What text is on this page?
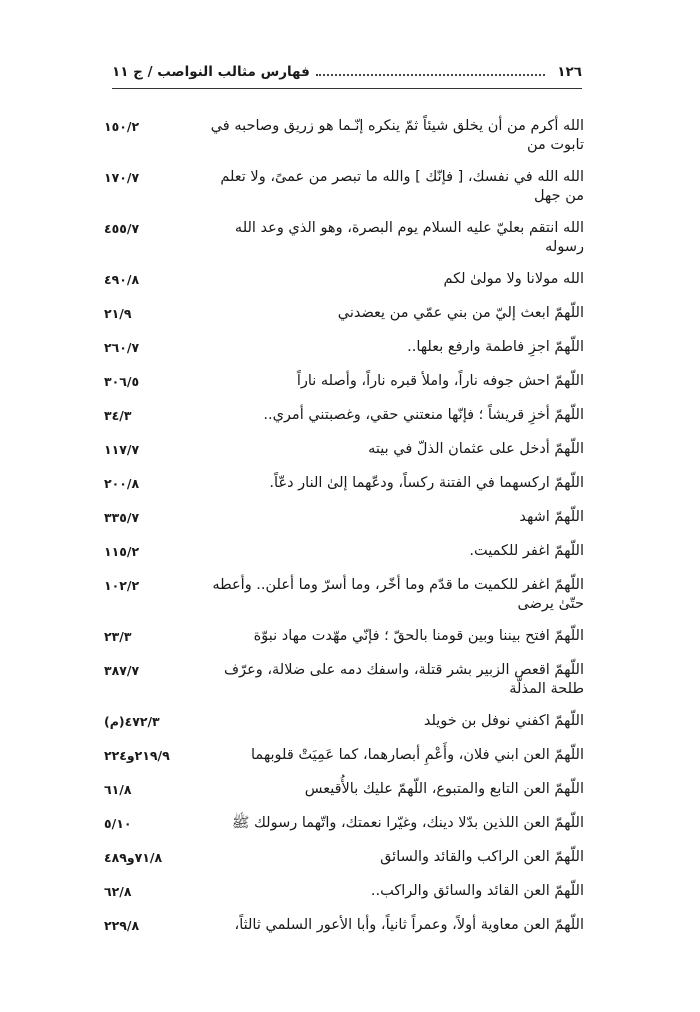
١٢٦
فهارس مثالب النواصب / ج ١١
الله أكرم من أن يخلق شيئاً ثمّ ينكره إنّـما هو زريق وصاحبه في تابوت من
١٥٠/٢
الله الله في نفسك، [ فإنّك ] والله ما تبصر من عمىً، ولا تعلم من جهل
١٧٠/٧
الله انتقم بعليّ عليه السلام يوم البصرة، وهو الذي وعد الله رسوله
٤٥٥/٧
الله مولانا ولا مولىٰ لكم
٤٩٠/٨
اللّهمّ ابعث إليّ من بني عمّي من يعضدني
٢١/٩
اللّهمّ اجزِ فاطمة وارفع بعلها..
٢٦٠/٧
اللّهمّ احش جوفه ناراً، واملأ قبره ناراً، وأصله ناراً
٣٠٦/٥
اللّهمّ أخزِ قريشاً ؛ فإنّها منعتني حقي، وغصبتني أمري..
٣٤/٣
اللّهمّ أدخل على عثمان الذلّ في بيته
١١٧/٧
اللّهمّ اركسهما في الفتنة ركساً، ودعّهما إلىٰ النار دعّاً.
٢٠٠/٨
اللّهمّ اشهد
٣٣٥/٧
اللّهمّ اغفر للكميت.
١١٥/٢
اللّهمّ اغفر للكميت ما قدّم وما أخّر، وما أسرّ وما أعلن.. وأعطه حتّىٰ يرضى
١٠٢/٢
اللّهمّ افتح بيننا وبين قومنا بالحقّ ؛ فإنّي مهّدت مهاد نبوّة
٢٣/٣
اللّهمّ اقعص الزبير بشر قتلة، واسفك دمه على ضلالة، وعرّف طلحة المذلّة
٣٨٧/٧
اللّهمّ اكفني نوفل بن خويلد
٤٧٢/٣(م)
اللّهمّ العن ابني فلان، وأَعْمِ أبصارهما، كما عَمِيَتْ قلوبهما
٢١٩/٩و٢٢٤
اللّهمّ العن التابع والمتبوع، اللّهمّ عليك بالأُقيعس
٦١/٨
اللّهمّ العن اللذين بدّلا دينك، وغيّرا نعمتك، واتّهما رسولك ﷺ
٥/١٠
اللّهمّ العن الراكب والقائد والسائق
٧١/٨و٤٨٩
اللّهمّ العن القائد والسائق والراكب..
٦٢/٨
اللّهمّ العن معاوية أولاً، وعمراً ثانياً، وأبا الأعور السلمي ثالثاً،
٢٢٩/٨
